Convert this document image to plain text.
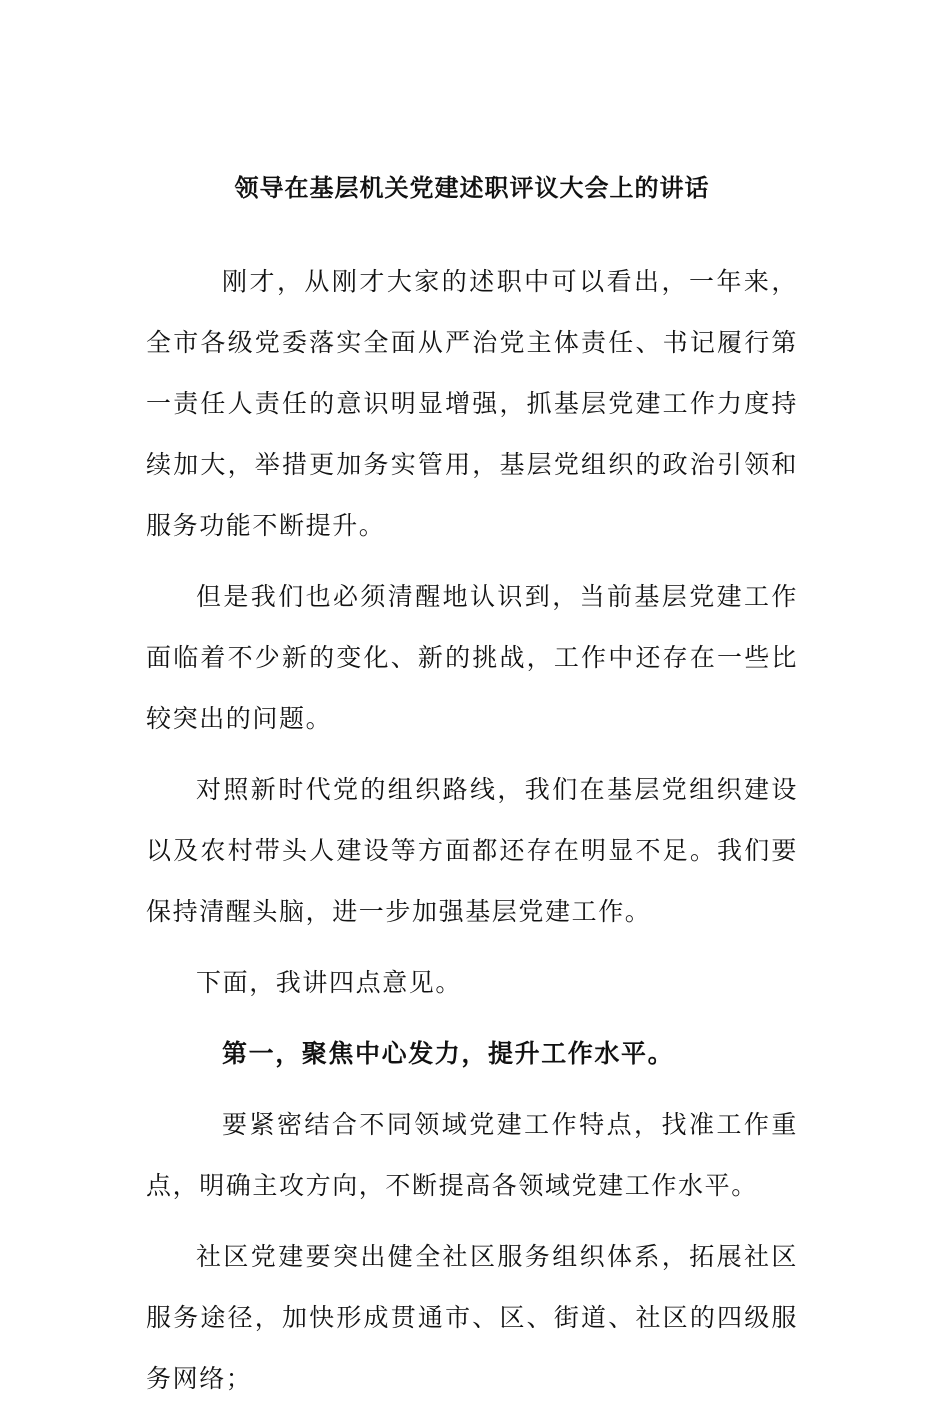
领导在基层机关党建述职评议大会上的讲话

刚才，从刚才大家的述职中可以看出，一年来，全市各级党委落实全面从严治党主体责任、书记履行第一责任人责任的意识明显增强，抓基层党建工作力度持续加大，举措更加务实管用，基层党组织的政治引领和服务功能不断提升。

但是我们也必须清醒地认识到，当前基层党建工作面临着不少新的变化、新的挑战，工作中还存在一些比较突出的问题。

对照新时代党的组织路线，我们在基层党组织建设以及农村带头人建设等方面都还存在明显不足。我们要保持清醒头脑，进一步加强基层党建工作。

下面，我讲四点意见。

第一，聚焦中心发力，提升工作水平。

要紧密结合不同领域党建工作特点，找准工作重点，明确主攻方向，不断提高各领域党建工作水平。

社区党建要突出健全社区服务组织体系，拓展社区服务途径，加快形成贯通市、区、街道、社区的四级服务网络；
